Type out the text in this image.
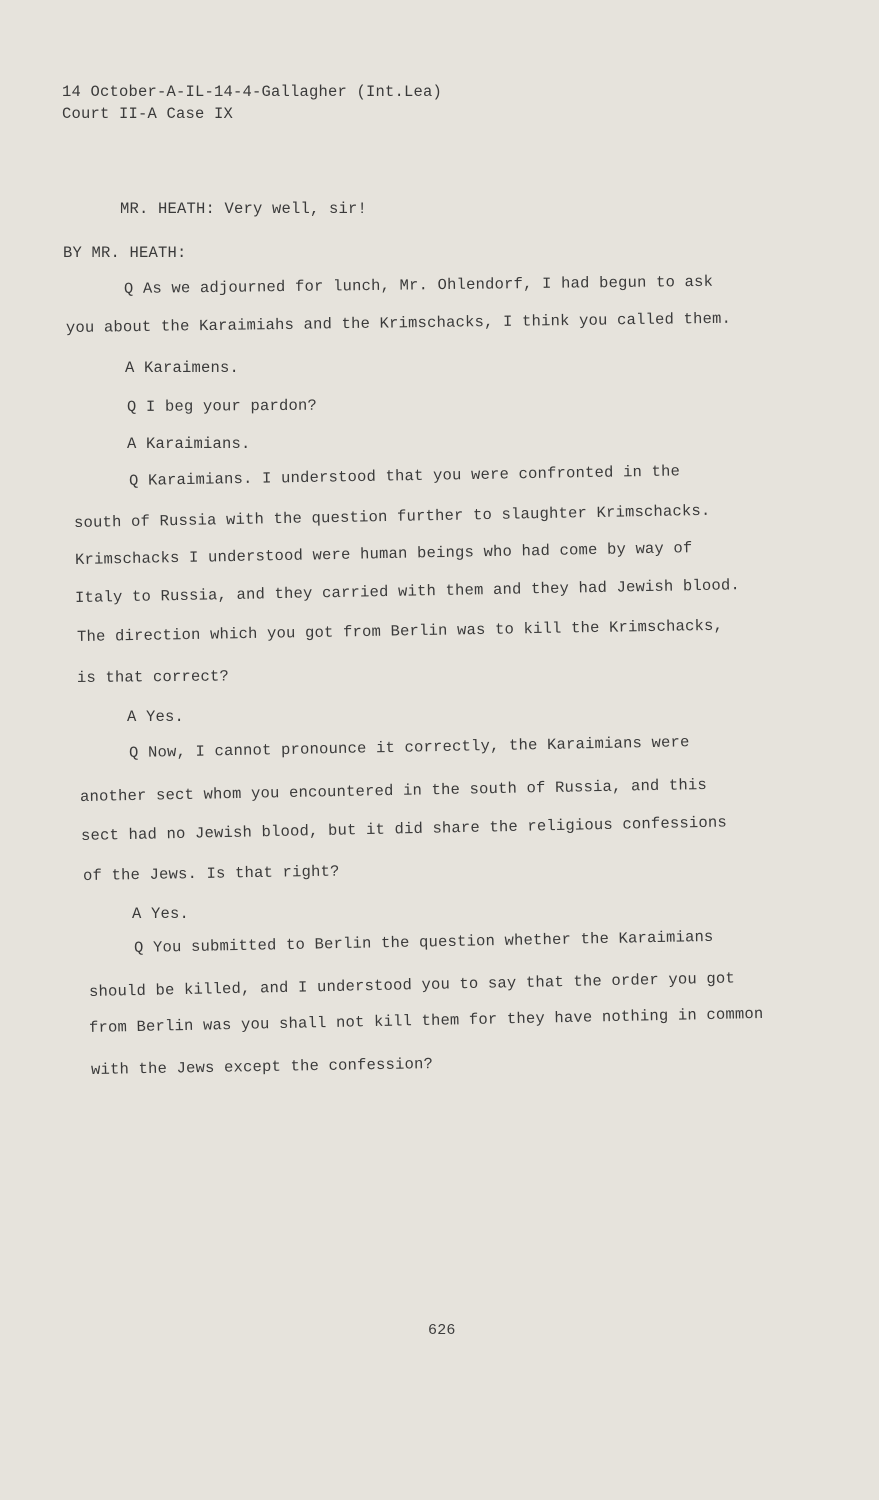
14 October-A-IL-14-4-Gallagher (Int.Lea)
Court II-A Case IX
MR. HEATH: Very well, sir!
BY MR. HEATH:
Q As we adjourned for lunch, Mr. Ohlendorf, I had begun to ask
you about the Karaimiahs and the Krimschacks, I think you called them.
A Karaimens.
Q I beg your pardon?
A Karaimians.
Q Karaimians. I understood that you were confronted in the
south of Russia with the question further to slaughter Krimschacks.
Krimschacks I understood were human beings who had come by way of
Italy to Russia, and they carried with them and they had Jewish blood.
The direction which you got from Berlin was to kill the Krimschacks,
is that correct?
A Yes.
Q Now, I cannot pronounce it correctly, the Karaimians were
another sect whom you encountered in the south of Russia, and this
sect had no Jewish blood, but it did share the religious confessions
of the Jews. Is that right?
A Yes.
Q You submitted to Berlin the question whether the Karaimians
should be killed, and I understood you to say that the order you got
from Berlin was you shall not kill them for they have nothing in common
with the Jews except the confession?
626
